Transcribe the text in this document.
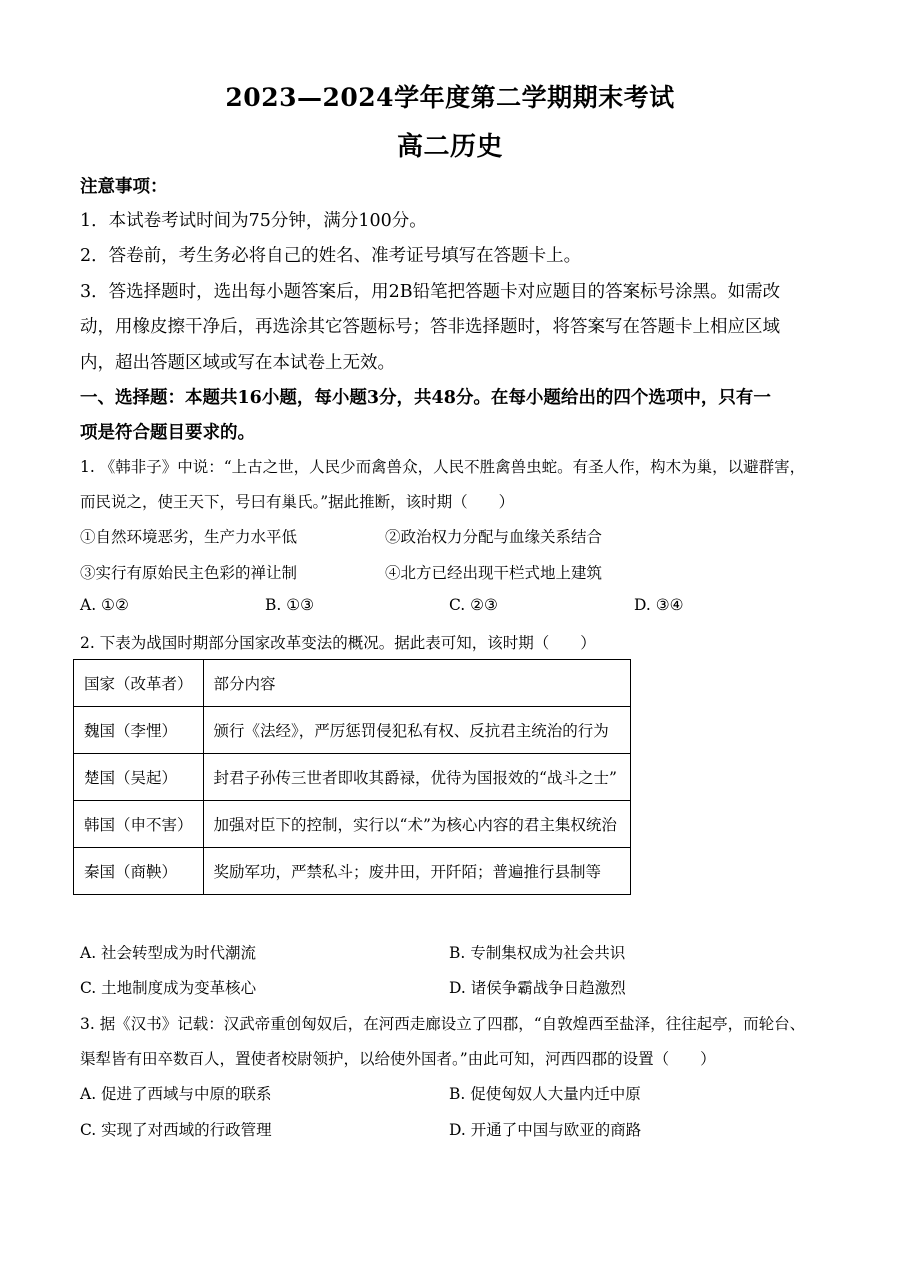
2023—2024学年度第二学期期末考试
高二历史
注意事项：
1．本试卷考试时间为75分钟，满分100分。
2．答卷前，考生务必将自己的姓名、准考证号填写在答题卡上。
3．答选择题时，选出每小题答案后，用2B铅笔把答题卡对应题目的答案标号涂黑。如需改
动，用橡皮擦干净后，再选涂其它答题标号；答非选择题时，将答案写在答题卡上相应区域
内，超出答题区域或写在本试卷上无效。
一、选择题：本题共16小题，每小题3分，共48分。在每小题给出的四个选项中，只有一
项是符合题目要求的。
1. 《韩非子》中说：“上古之世，人民少而禽兽众，人民不胜禽兽虫蛇。有圣人作，构木为巢，以避群害，
而民说之，使王天下，号曰有巢氏。”据此推断，该时期（　　）
①自然环境恶劣，生产力水平低	②政治权力分配与血缘关系结合
③实行有原始民主色彩的禅让制	④北方已经出现干栏式地上建筑
A. ①②	B. ①③	C. ②③	D. ③④
2. 下表为战国时期部分国家改革变法的概况。据此表可知，该时期（　　）
国家（改革者）	部分内容
魏国（李悝）	颁行《法经》，严厉惩罚侵犯私有权、反抗君主统治的行为
楚国（吴起）	封君子孙传三世者即收其爵禄，优待为国报效的“战斗之士”
韩国（申不害）	加强对臣下的控制，实行以“术”为核心内容的君主集权统治
秦国（商鞅）	奖励军功，严禁私斗；废井田，开阡陌；普遍推行县制等
A. 社会转型成为时代潮流	B. 专制集权成为社会共识
C. 土地制度成为变革核心	D. 诸侯争霸战争日趋激烈
3. 据《汉书》记载：汉武帝重创匈奴后，在河西走廊设立了四郡，“自敦煌西至盐泽，往往起亭，而轮台、
渠犁皆有田卒数百人，置使者校尉领护，以给使外国者。”由此可知，河西四郡的设置（　　）
A. 促进了西域与中原的联系	B. 促使匈奴人大量内迁中原
C. 实现了对西域的行政管理	D. 开通了中国与欧亚的商路
